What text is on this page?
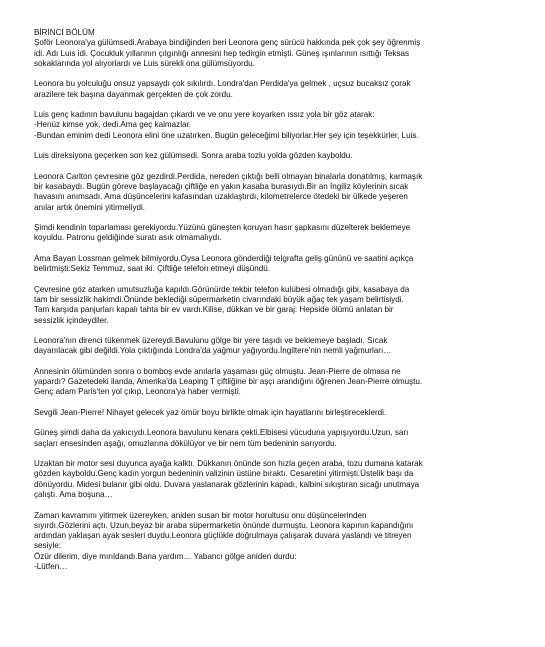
BİRİNCİ BÖLÜM

Şoför Leonora'ya gülümsedi.Arabaya bindiğinden beri Leonora genç sürücü hakkında pek çok şey öğrenmiş
idi. Adı Luis idi. Çocukluk yıllarının çılgınlığı annesini hep tedirgin etmişti. Güneş ışınlarının ısıttığı Teksas
sokaklarında yol alıyorlardı ve Luis sürekli ona gülümsüyordu.

Leonora bu yolculuğu onsuz yapsaydı çok sıkılırdı. Londra'dan Perdida'ya gelmek , uçsuz bucaksız çorak
arazilere tek başına dayanmak gerçekten de çok zordu.

Luis genç kadının bavulunu bagajdan çıkardı ve ve onu yere koyarken ıssız yola bir göz atarak:
-Henüz kimse yok, dedi.Ama geç kalmazlar.
-Bundan eminim dedi Leonora elini öne uzatırken. Bugün geleceğimi biliyorlar.Her şey için teşekkürler, Luis.

Luis direksiyona geçerken son kez gülümsedi. Sonra araba tozlu yolda gözden kayboldu.

Leonora Carlton çevresine göz gezdirdi.Perdida, nereden çıktığı belli olmayan binalarla donatılmış, karmaşık
bir kasabaydı. Bugün göreve başlayacağı çiftliğe en yakın kasaba burasıydı.Bir an İngiliz köylerinin sıcak
havasını anımsadı. Ama düşüncelerini kafasından uzaklaştırdı, kilometrelerce ötedeki bir ülkede yeşeren
anılar artık önemini yitirmeliydi.

Şimdi kendinin toparlaması gerekiyordu.Yüzünü güneşten koruyan hasır şapkasını düzelterek beklemeye
koyuldu. Patronu geldiğinde suratı asık olmamalıydı.

Ama Bayan Lossman gelmek bilmiyordu.Oysa Leonora gönderdiği telgrafta geliş gününü ve saatini açıkça
belirtmişti:Sekiz Temmuz, saat iki. Çiftliğe telefon etmeyi düşündü.

Çevresine göz atarken umutsuzluğa kapıldı.Görünürde tekbir telefon kulübesi olmadığı gibi, kasabaya da
tam bir sessizlik hakimdi.Önünde beklediği süpermarketin civarındaki büyük ağaç tek yaşam belirtisiydi.
Tam karşıda panjurları kapalı tahta bir ev vardı.Kilise, dükkan ve bir garaj: Hepside ölümü anlatan bir
sessizlik içindeydiler.

Leonora'nın direnci tükenmek üzereydi.Bavulunu gölge bir yere taşıdı ve beklemeye başladı. Sıcak
dayanılacak gibi değildi.Yola çıktığında Londra'da yağmur yağıyordu.İngiltere'nin nemli yağmurları…

Annesinin ölümünden sonra o bomboş evde anılarla yaşaması güç olmuştu. Jean-Pierre de olmasa ne
yapardı? Gazetedeki ilanda, Amerika'da Leaping T çiftliğine bir aşçı arandığını öğrenen Jean-Pierre olmuştu.
Genç adam Paris'ten yol çıkıp, Leonora'ya haber vermişti.

Sevgili Jean-Pierre! Nihayet gelecek yaz ömür boyu birlikte olmak için hayatlarını birleştireceklerdi.

Güneş şimdi daha da yakıcıydı.Leonora bavulunu kenara çekti.Elbisesi vücuduna yapışıyordu.Uzun, sarı
saçları ensesinden aşağı, omuzlarına dökülüyor ve bir nem tüm bedeninin sarıyordu.

Uzaktan bir motor sesi duyunca ayağa kalktı. Dükkanın önünde son hızla geçen araba, tozu dumana katarak
gözden kayboldu.Genç kadın yorgun bedeninin valizinin üstüne bıraktı. Cesaretini yitirmişti.Üstelik başı da
dönüyordu. Midesi bulanır gibi oldu. Duvara yaslanarak gözlerinin kapadı, kalbini sıkıştıran sıcağı unutmaya
çalıştı. Ama boşuna…

Zaman kavramını yitirmek üzereyken, aniden susan bir motor horultusu onu düşüncelerinden
sıyırdı.Gözlerini açtı. Uzun,beyaz bir araba süpermarketin önünde durmuştu. Leonora kapının kapandığını
ardından yaklaşan ayak sesleri duydu.Leonora güçlükle doğrulmaya çalışarak duvara yaslandı ve titreyen
sesiyle:
Özür dilerim, diye mırıldandı.Bana yardım… Yabancı gölge aniden durdu:
-Lütfen…
